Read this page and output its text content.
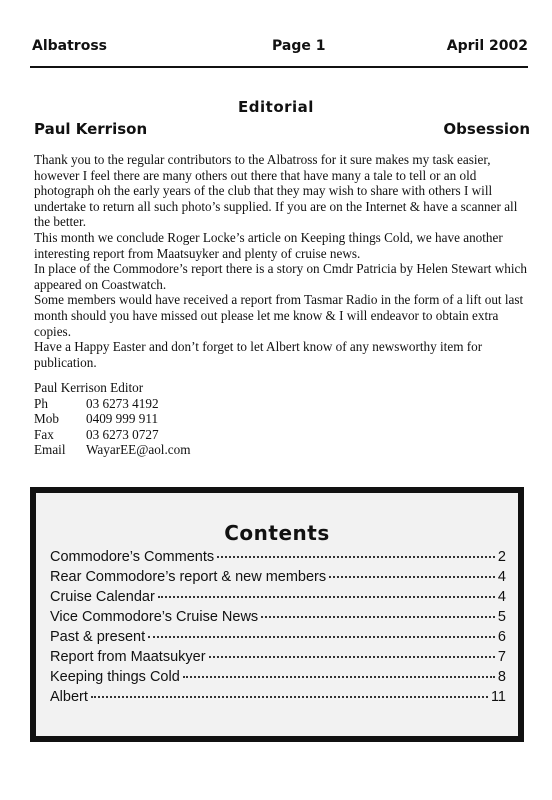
Albatross	Page 1	April 2002
Editorial
Paul Kerrison	Obsession

Thank you to the regular contributors to the Albatross for it sure makes my task easier, however I feel there are many others out there that have many a tale to tell or an old photograph oh the early years of the club that they may wish to share with others I will undertake to return all such photo’s supplied. If you are on the Internet & have a scanner all the better.

This month we conclude Roger Locke’s article on Keeping things Cold, we have another interesting report from Maatsuyker and plenty of cruise news.

In place of the Commodore’s report there is a story on Cmdr Patricia by Helen Stewart which appeared on Coastwatch.

Some members would have received a report from Tasmar Radio in the form of a lift out last month should you have missed out please let me know & I will endeavor to obtain extra copies.

Have a Happy Easter and don’t forget to let Albert know of any newsworthy item for publication.

Paul Kerrison Editor
Ph	03 6273 4192
Mob	0409 999 911
Fax	03 6273 0727
Email	WayarEE@aol.com
Contents
Commodore’s Comments	2
Rear Commodore’s report & new members	4
Cruise Calendar	4
Vice Commodore’s Cruise News	5
Past & present	6
Report from Maatsukyer	7
Keeping things Cold	8
Albert	11
